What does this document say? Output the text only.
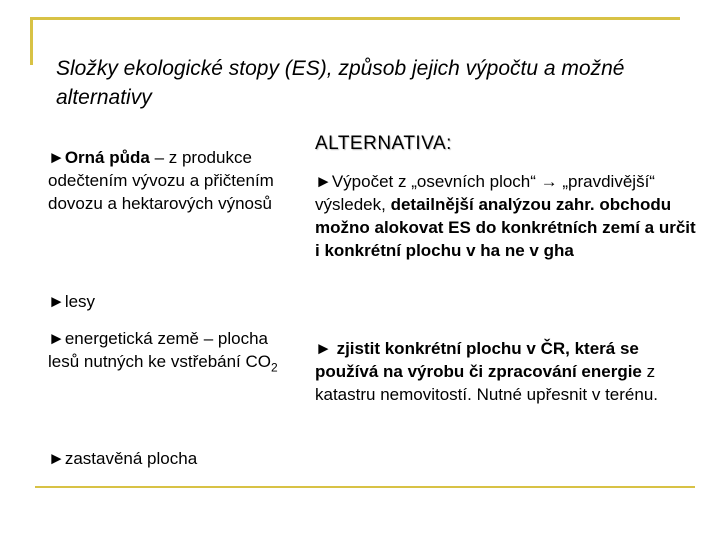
Složky ekologické stopy (ES), způsob jejich výpočtu a možné alternativy

►Orná půda – z produkce odečtením vývozu a přičtením dovozu a hektarových výnosů

►lesy

►energetická země – plocha lesů nutných ke vstřebání $CO_2$

►zastavěná plocha

ALTERNATIVA:

►Výpočet z „osevních ploch“ → „pravdivější“ výsledek, detailnější analýzou zahr. obchodu možno alokovat ES do konkrétních zemí a určit i konkrétní plochu v ha ne v gha

► zjistit konkrétní plochu v ČR, která se používá na výrobu či zpracování energie z katastru nemovitostí. Nutné upřesnit v terénu.
